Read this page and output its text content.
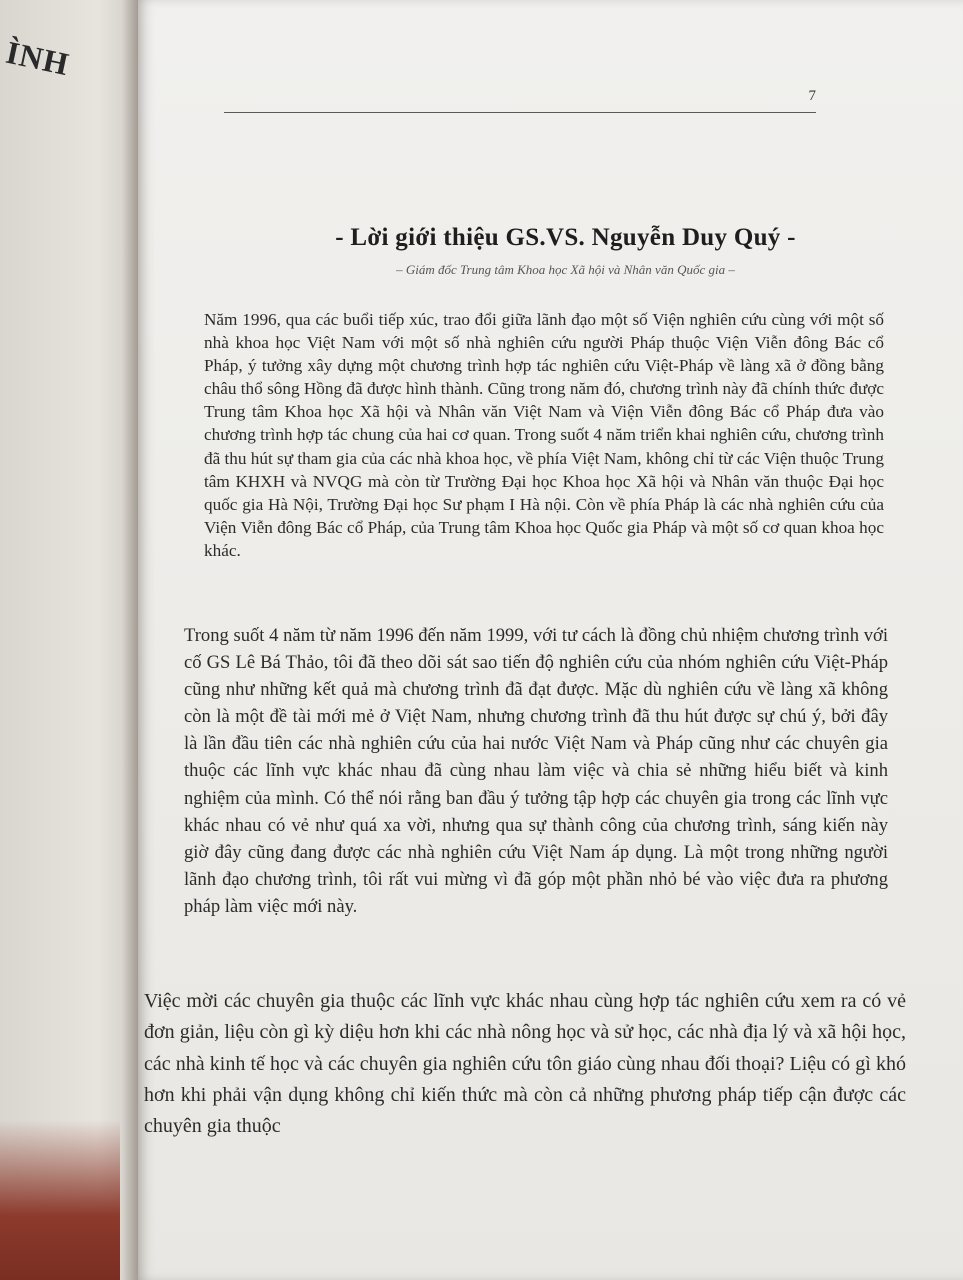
ÌNH
7
- Lời giới thiệu GS.VS. Nguyễn Duy Quý -
– Giám đốc Trung tâm Khoa học Xã hội và Nhân văn Quốc gia –

Năm 1996, qua các buổi tiếp xúc, trao đổi giữa lãnh đạo một số Viện nghiên cứu cùng với một số nhà khoa học Việt Nam với một số nhà nghiên cứu người Pháp thuộc Viện Viễn đông Bác cổ Pháp, ý tưởng xây dựng một chương trình hợp tác nghiên cứu Việt-Pháp về làng xã ở đồng bằng châu thổ sông Hồng đã được hình thành. Cũng trong năm đó, chương trình này đã chính thức được Trung tâm Khoa học Xã hội và Nhân văn Việt Nam và Viện Viễn đông Bác cổ Pháp đưa vào chương trình hợp tác chung của hai cơ quan. Trong suốt 4 năm triển khai nghiên cứu, chương trình đã thu hút sự tham gia của các nhà khoa học, về phía Việt Nam, không chỉ từ các Viện thuộc Trung tâm KHXH và NVQG mà còn từ Trường Đại học Khoa học Xã hội và Nhân văn thuộc Đại học quốc gia Hà Nội, Trường Đại học Sư phạm I Hà nội. Còn về phía Pháp là các nhà nghiên cứu của Viện Viễn đông Bác cổ Pháp, của Trung tâm Khoa học Quốc gia Pháp và một số cơ quan khoa học khác.

Trong suốt 4 năm từ năm 1996 đến năm 1999, với tư cách là đồng chủ nhiệm chương trình với cố GS Lê Bá Thảo, tôi đã theo dõi sát sao tiến độ nghiên cứu của nhóm nghiên cứu Việt-Pháp cũng như những kết quả mà chương trình đã đạt được. Mặc dù nghiên cứu về làng xã không còn là một đề tài mới mẻ ở Việt Nam, nhưng chương trình đã thu hút được sự chú ý, bởi đây là lần đầu tiên các nhà nghiên cứu của hai nước Việt Nam và Pháp cũng như các chuyên gia thuộc các lĩnh vực khác nhau đã cùng nhau làm việc và chia sẻ những hiểu biết và kinh nghiệm của mình. Có thể nói rằng ban đầu ý tưởng tập hợp các chuyên gia trong các lĩnh vực khác nhau có vẻ như quá xa vời, nhưng qua sự thành công của chương trình, sáng kiến này giờ đây cũng đang được các nhà nghiên cứu Việt Nam áp dụng. Là một trong những người lãnh đạo chương trình, tôi rất vui mừng vì đã góp một phần nhỏ bé vào việc đưa ra phương pháp làm việc mới này.

Việc mời các chuyên gia thuộc các lĩnh vực khác nhau cùng hợp tác nghiên cứu xem ra có vẻ đơn giản, liệu còn gì kỳ diệu hơn khi các nhà nông học và sử học, các nhà địa lý và xã hội học, các nhà kinh tế học và các chuyên gia nghiên cứu tôn giáo cùng nhau đối thoại? Liệu có gì khó hơn khi phải vận dụng không chỉ kiến thức mà còn cả những phương pháp tiếp cận được các chuyên gia thuộc
